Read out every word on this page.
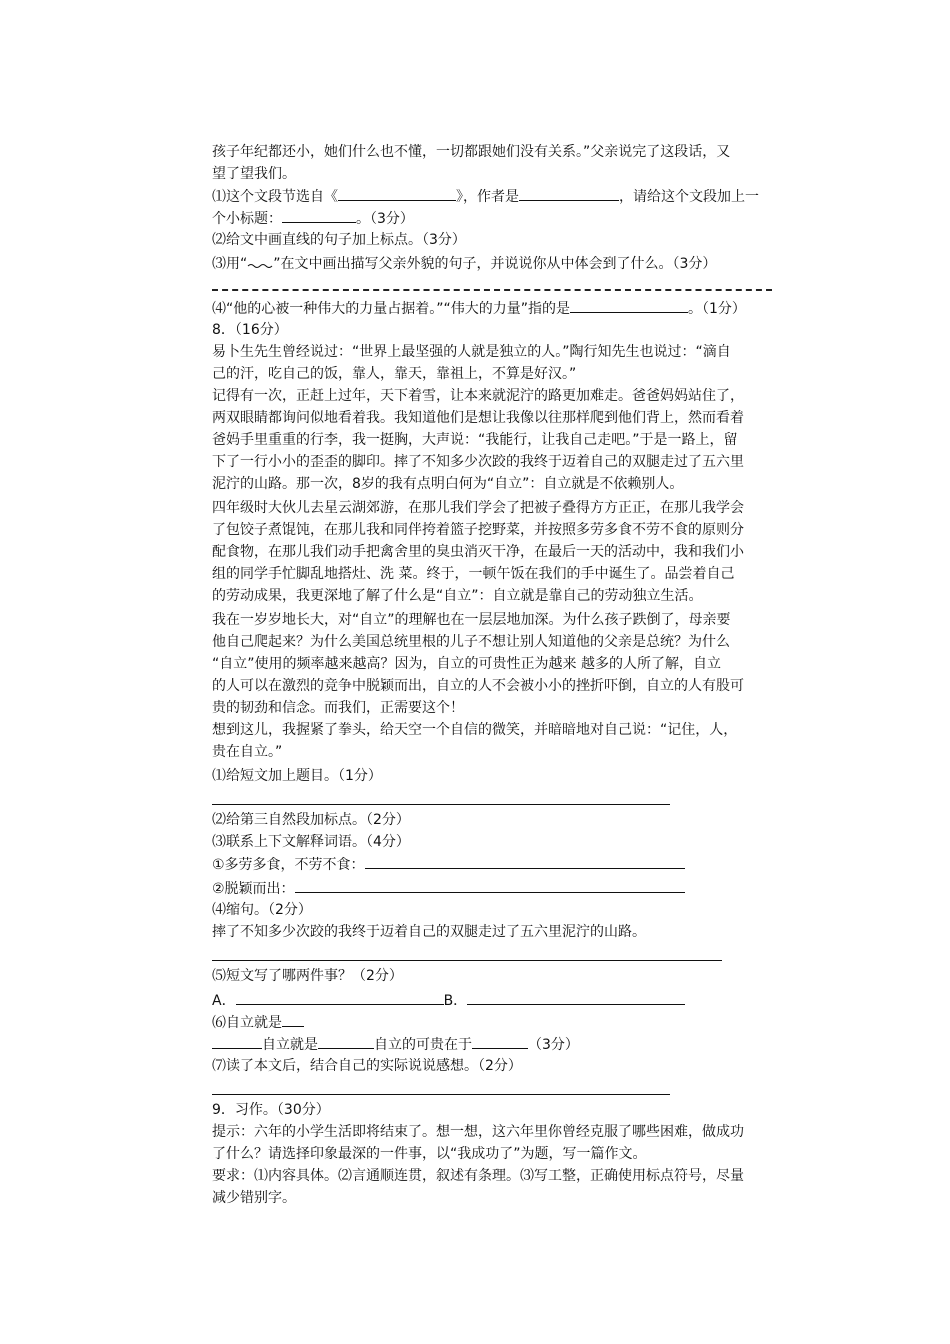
孩子年纪都还小，她们什么也不懂，一切都跟她们没有关系。”父亲说完了这段话，又
望了望我们。
⑴这个文段节选自《	》，作者是	，请给这个文段加上一
个小标题：	。（3分）
⑵给文中画直线的句子加上标点。（3分）
⑶用“ ”在文中画出描写父亲外貌的句子，并说说你从中体会到了什么。（3分）
⑷“他的心被一种伟大的力量占据着。”“伟大的力量”指的是	。（1分）
8．（16分）
易卜生先生曾经说过：“世界上最坚强的人就是独立的人。”陶行知先生也说过：“滴自
己的汗，吃自己的饭，靠人，靠天，靠祖上，不算是好汉。”
记得有一次，正赶上过年，天下着雪，让本来就泥泞的路更加难走。爸爸妈妈站住了，
两双眼睛都询问似地看着我。我知道他们是想让我像以往那样爬到他们背上，然而看着
爸妈手里重重的行李，我一挺胸，大声说：“我能行，让我自己走吧。”于是一路上，留
下了一行小小的歪歪的脚印。摔了不知多少次跤的我终于迈着自己的双腿走过了五六里
泥泞的山路。那一次，8岁的我有点明白何为“自立”：自立就是不依赖别人。
四年级时大伙儿去星云湖郊游，在那儿我们学会了把被子叠得方方正正，在那儿我学会
了包饺子煮馄饨，在那儿我和同伴挎着篮子挖野菜，并按照多劳多食不劳不食的原则分
配食物，在那儿我们动手把禽舍里的臭虫消灭干净，在最后一天的活动中，我和我们小
组的同学手忙脚乱地搭灶、洗 菜。终于，一顿午饭在我们的手中诞生了。品尝着自己
的劳动成果，我更深地了解了什么是“自立”：自立就是靠自己的劳动独立生活。
我在一岁岁地长大，对“自立”的理解也在一层层地加深。为什么孩子跌倒了，母亲要
他自己爬起来？为什么美国总统里根的儿子不想让别人知道他的父亲是总统？为什么
“自立”使用的频率越来越高？因为，自立的可贵性正为越来 越多的人所了解，自立
的人可以在激烈的竞争中脱颖而出，自立的人不会被小小的挫折吓倒，自立的人有股可
贵的韧劲和信念。而我们，正需要这个！
想到这儿，我握紧了拳头，给天空一个自信的微笑，并暗暗地对自己说：“记住，人，
贵在自立。”
⑴给短文加上题目。（1分）
⑵给第三自然段加标点。（2分）
⑶联系上下文解释词语。（4分）
①多劳多食，不劳不食：
②脱颖而出：
⑷缩句。（2分）
摔了不知多少次跤的我终于迈着自己的双腿走过了五六里泥泞的山路。
⑸短文写了哪两件事？（2分）
A．	B．
⑹自立就是
自立就是	自立的可贵在于	（3分）
⑺读了本文后，结合自己的实际说说感想。（2分）
9．习作。（30分）
提示：六年的小学生活即将结束了。想一想，这六年里你曾经克服了哪些困难，做成功
了什么？请选择印象最深的一件事，以“我成功了”为题，写一篇作文。
要求：⑴内容具体。⑵言通顺连贯，叙述有条理。⑶写工整，正确使用标点符号，尽量
减少错别字。
